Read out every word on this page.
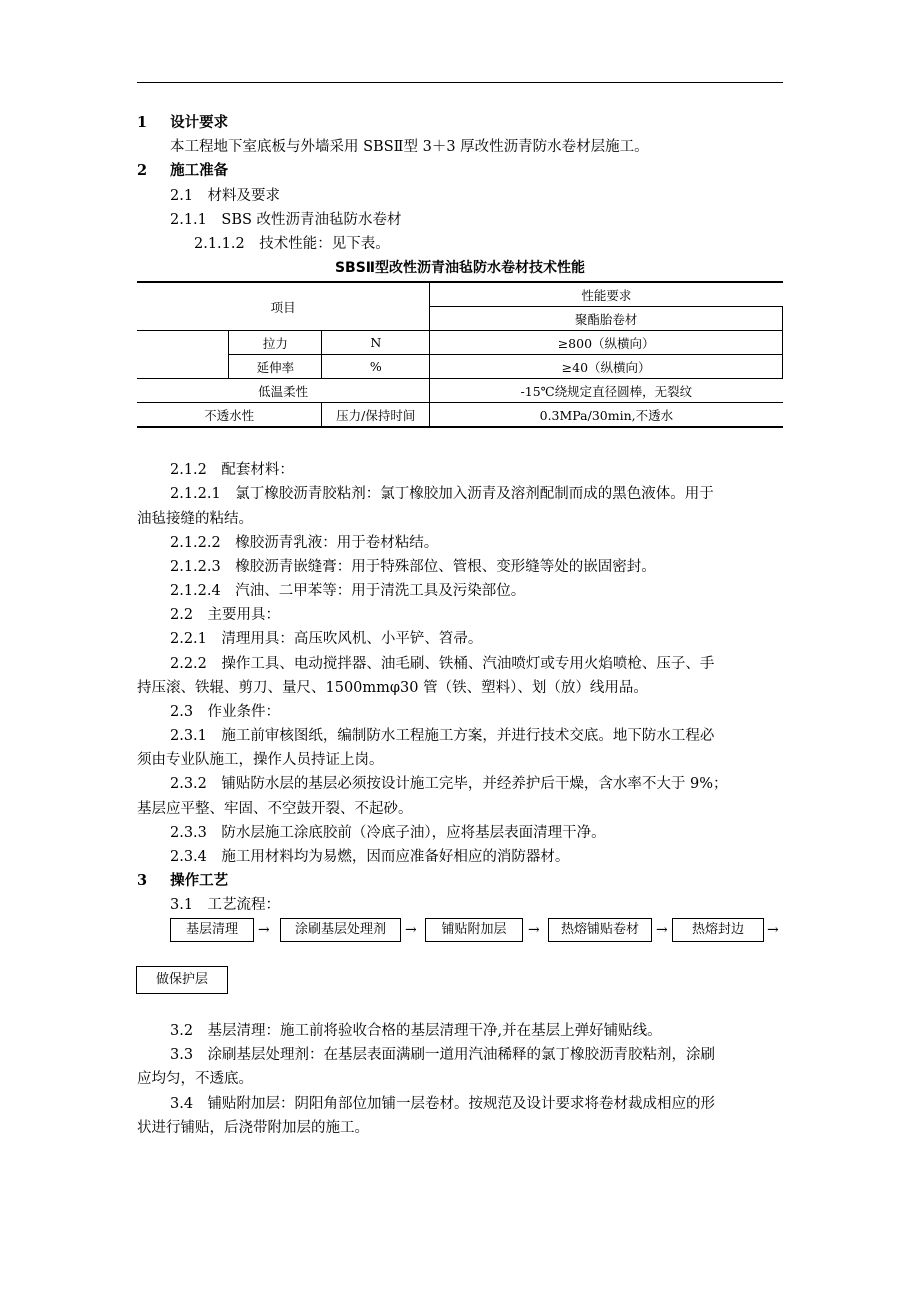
1 设计要求
本工程地下室底板与外墙采用 SBSⅡ型 3＋3 厚改性沥青防水卷材层施工。
2 施工准备
2.1　材料及要求
2.1.1　SBS 改性沥青油毡防水卷材
2.1.1.2　技术性能：见下表。
SBSⅡ型改性沥青油毡防水卷材技术性能
项目			性能要求
			聚酯胎卷材
	拉力	N	≥800（纵横向）
	延伸率	%	≥40（纵横向）
低温柔性			-15℃绕规定直径圆棒，无裂纹
不透水性		压力/保持时间	0.3MPa/30min,不透水
2.1.2　配套材料：
2.1.2.1　氯丁橡胶沥青胶粘剂：氯丁橡胶加入沥青及溶剂配制而成的黑色液体。用于
油毡接缝的粘结。
2.1.2.2　橡胶沥青乳液：用于卷材粘结。
2.1.2.3　橡胶沥青嵌缝膏：用于特殊部位、管根、变形缝等处的嵌固密封。
2.1.2.4　汽油、二甲苯等：用于清洗工具及污染部位。
2.2　主要用具：
2.2.1　清理用具：高压吹风机、小平铲、笤帚。
2.2.2　操作工具、电动搅拌器、油毛刷、铁桶、汽油喷灯或专用火焰喷枪、压子、手
持压滚、铁辊、剪刀、量尺、1500mmφ30 管（铁、塑料）、划（放）线用品。
2.3　作业条件：
2.3.1　施工前审核图纸，编制防水工程施工方案，并进行技术交底。地下防水工程必
须由专业队施工，操作人员持证上岗。
2.3.2　铺贴防水层的基层必须按设计施工完毕，并经养护后干燥，含水率不大于 9%；
基层应平整、牢固、不空鼓开裂、不起砂。
2.3.3　防水层施工涂底胶前（冷底子油），应将基层表面清理干净。
2.3.4　施工用材料均为易燃，因而应准备好相应的消防器材。
3 操作工艺
3.1　工艺流程：
基层清理	→	涂刷基层处理剂	→	铺贴附加层	→	热熔铺贴卷材	→	热熔封边	→
做保护层
3.2　基层清理：施工前将验收合格的基层清理干净,并在基层上弹好铺贴线。
3.3　涂刷基层处理剂：在基层表面满刷一道用汽油稀释的氯丁橡胶沥青胶粘剂，涂刷
应均匀，不透底。
3.4　铺贴附加层：阴阳角部位加铺一层卷材。按规范及设计要求将卷材裁成相应的形
状进行铺贴，后浇带附加层的施工。
